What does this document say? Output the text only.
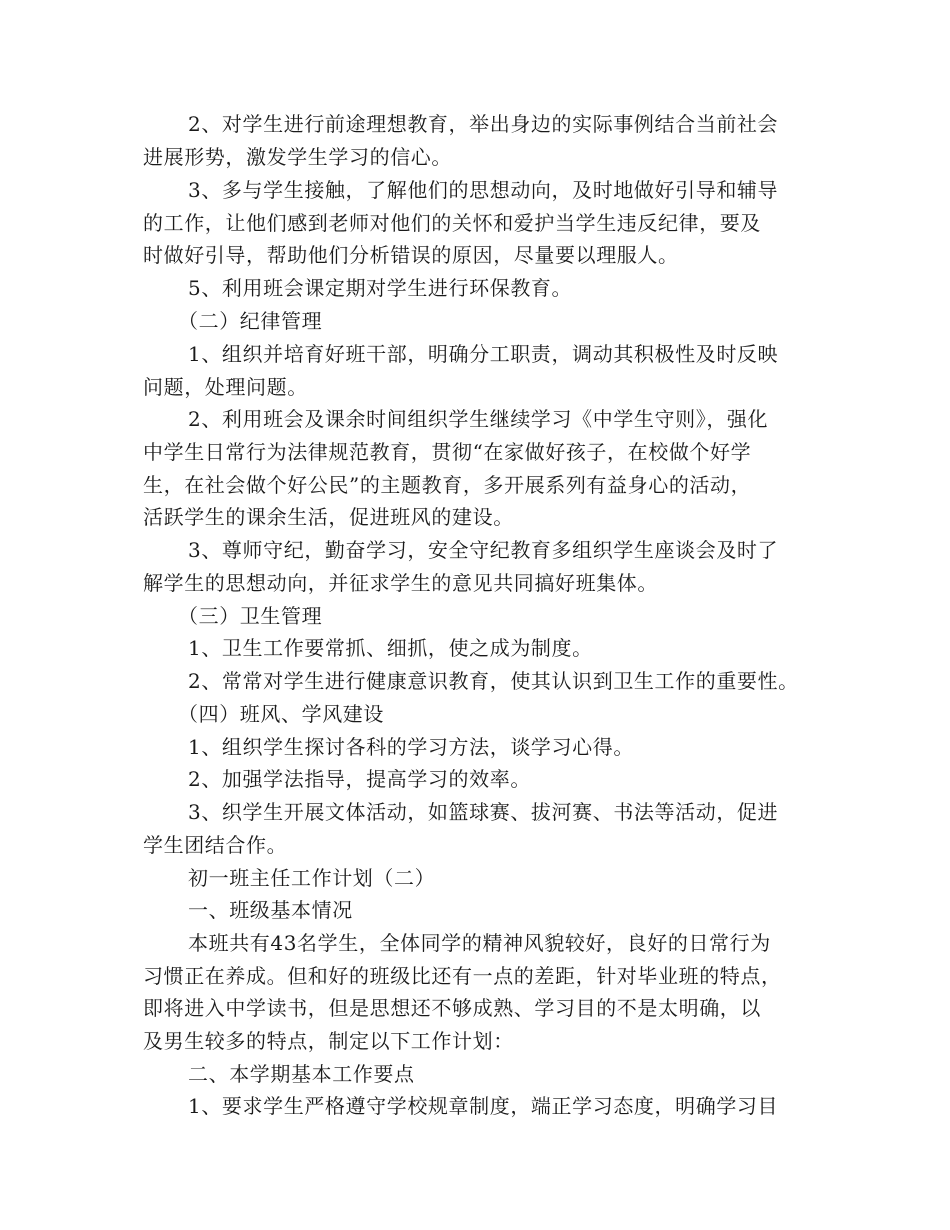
2、对学生进行前途理想教育，举出身边的实际事例结合当前社会
进展形势，激发学生学习的信心。
3、多与学生接触，了解他们的思想动向，及时地做好引导和辅导
的工作，让他们感到老师对他们的关怀和爱护当学生违反纪律，要及
时做好引导，帮助他们分析错误的原因，尽量要以理服人。
5、利用班会课定期对学生进行环保教育。
（二）纪律管理
1、组织并培育好班干部，明确分工职责，调动其积极性及时反映
问题，处理问题。
2、利用班会及课余时间组织学生继续学习《中学生守则》，强化
中学生日常行为法律规范教育，贯彻“在家做好孩子，在校做个好学
生，在社会做个好公民”的主题教育，多开展系列有益身心的活动，
活跃学生的课余生活，促进班风的建设。
3、尊师守纪，勤奋学习，安全守纪教育多组织学生座谈会及时了
解学生的思想动向，并征求学生的意见共同搞好班集体。
（三）卫生管理
1、卫生工作要常抓、细抓，使之成为制度。
2、常常对学生进行健康意识教育，使其认识到卫生工作的重要性。
（四）班风、学风建设
1、组织学生探讨各科的学习方法，谈学习心得。
2、加强学法指导，提高学习的效率。
3、织学生开展文体活动，如篮球赛、拔河赛、书法等活动，促进
学生团结合作。
初一班主任工作计划（二）
一、班级基本情况
本班共有43名学生，全体同学的精神风貌较好，良好的日常行为
习惯正在养成。但和好的班级比还有一点的差距，针对毕业班的特点，
即将进入中学读书，但是思想还不够成熟、学习目的不是太明确，以
及男生较多的特点，制定以下工作计划：
二、本学期基本工作要点
1、要求学生严格遵守学校规章制度，端正学习态度，明确学习目
